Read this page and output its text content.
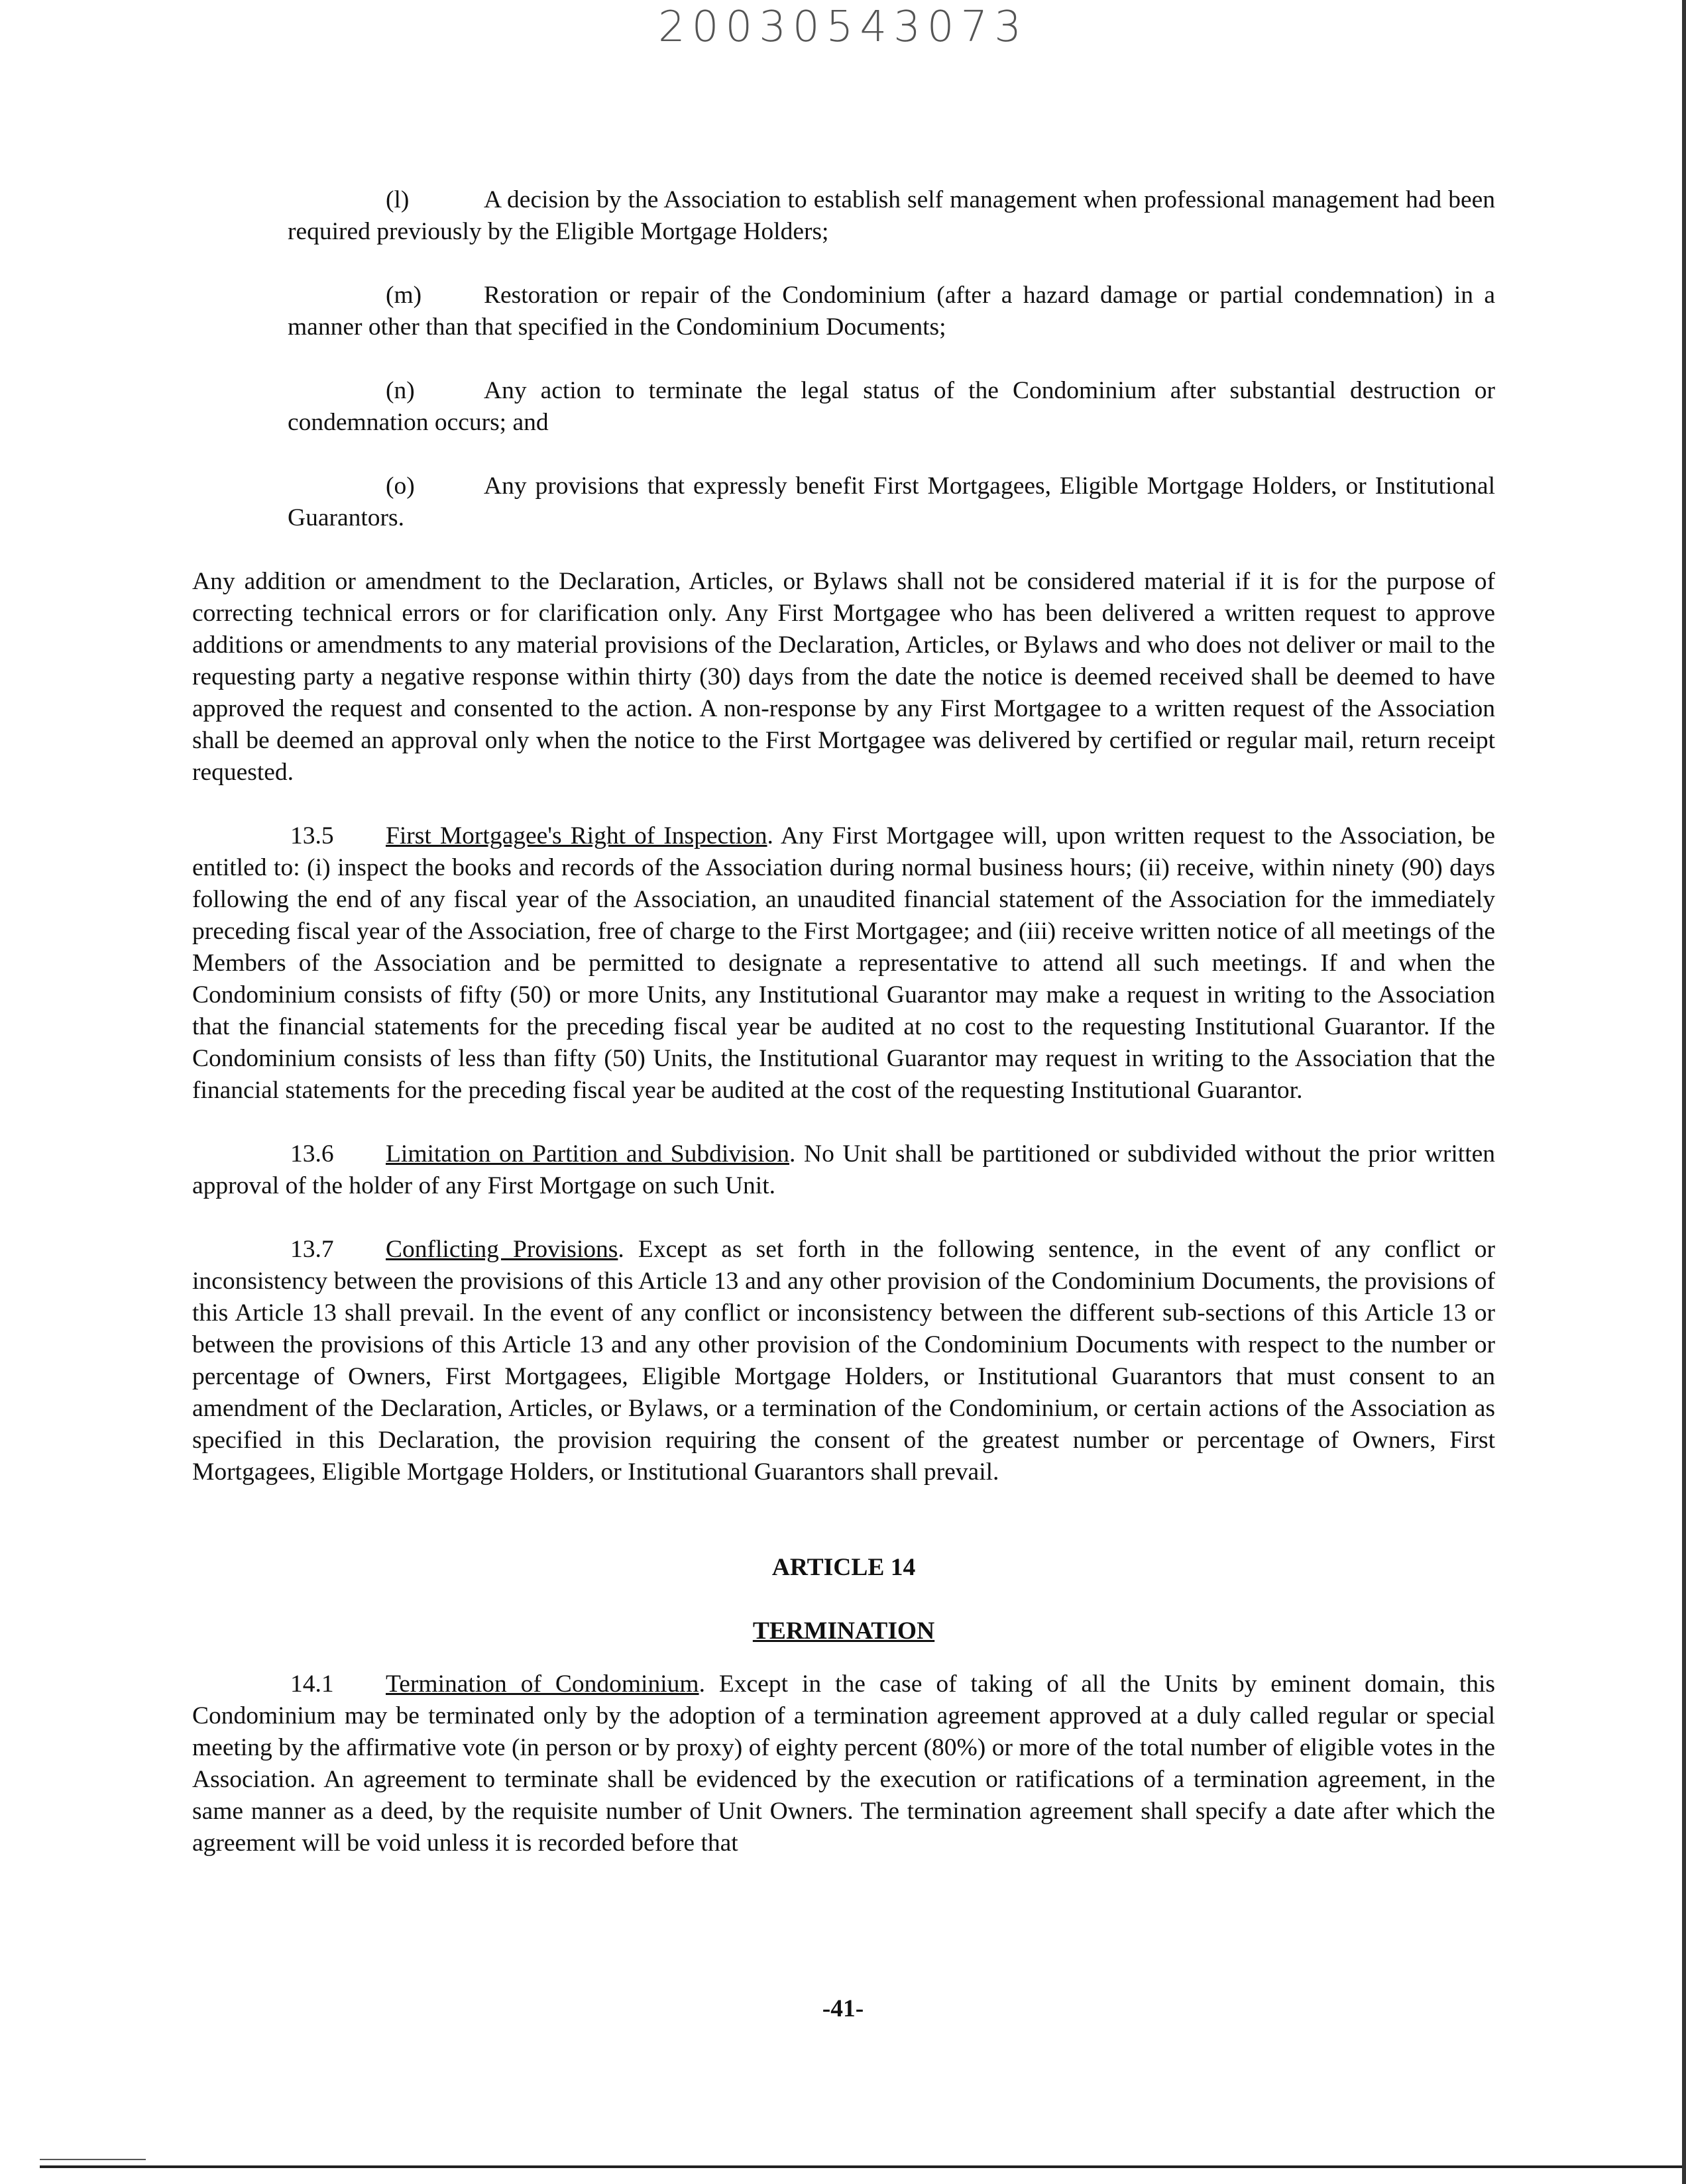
20030543073

(l)	A decision by the Association to establish self management when professional management had been required previously by the Eligible Mortgage Holders;

(m)	Restoration or repair of the Condominium (after a hazard damage or partial condemnation) in a manner other than that specified in the Condominium Documents;

(n)	Any action to terminate the legal status of the Condominium after substantial destruction or condemnation occurs; and

(o)	Any provisions that expressly benefit First Mortgagees, Eligible Mortgage Holders, or Institutional Guarantors.

Any addition or amendment to the Declaration, Articles, or Bylaws shall not be considered material if it is for the purpose of correcting technical errors or for clarification only. Any First Mortgagee who has been delivered a written request to approve additions or amendments to any material provisions of the Declaration, Articles, or Bylaws and who does not deliver or mail to the requesting party a negative response within thirty (30) days from the date the notice is deemed received shall be deemed to have approved the request and consented to the action. A non-response by any First Mortgagee to a written request of the Association shall be deemed an approval only when the notice to the First Mortgagee was delivered by certified or regular mail, return receipt requested.

13.5 First Mortgagee's Right of Inspection. Any First Mortgagee will, upon written request to the Association, be entitled to: (i) inspect the books and records of the Association during normal business hours; (ii) receive, within ninety (90) days following the end of any fiscal year of the Association, an unaudited financial statement of the Association for the immediately preceding fiscal year of the Association, free of charge to the First Mortgagee; and (iii) receive written notice of all meetings of the Members of the Association and be permitted to designate a representative to attend all such meetings. If and when the Condominium consists of fifty (50) or more Units, any Institutional Guarantor may make a request in writing to the Association that the financial statements for the preceding fiscal year be audited at no cost to the requesting Institutional Guarantor. If the Condominium consists of less than fifty (50) Units, the Institutional Guarantor may request in writing to the Association that the financial statements for the preceding fiscal year be audited at the cost of the requesting Institutional Guarantor.

13.6 Limitation on Partition and Subdivision. No Unit shall be partitioned or subdivided without the prior written approval of the holder of any First Mortgage on such Unit.

13.7 Conflicting Provisions. Except as set forth in the following sentence, in the event of any conflict or inconsistency between the provisions of this Article 13 and any other provision of the Condominium Documents, the provisions of this Article 13 shall prevail. In the event of any conflict or inconsistency between the different sub-sections of this Article 13 or between the provisions of this Article 13 and any other provision of the Condominium Documents with respect to the number or percentage of Owners, First Mortgagees, Eligible Mortgage Holders, or Institutional Guarantors that must consent to an amendment of the Declaration, Articles, or Bylaws, or a termination of the Condominium, or certain actions of the Association as specified in this Declaration, the provision requiring the consent of the greatest number or percentage of Owners, First Mortgagees, Eligible Mortgage Holders, or Institutional Guarantors shall prevail.

ARTICLE 14

TERMINATION

14.1 Termination of Condominium. Except in the case of taking of all the Units by eminent domain, this Condominium may be terminated only by the adoption of a termination agreement approved at a duly called regular or special meeting by the affirmative vote (in person or by proxy) of eighty percent (80%) or more of the total number of eligible votes in the Association. An agreement to terminate shall be evidenced by the execution or ratifications of a termination agreement, in the same manner as a deed, by the requisite number of Unit Owners. The termination agreement shall specify a date after which the agreement will be void unless it is recorded before that

-41-
